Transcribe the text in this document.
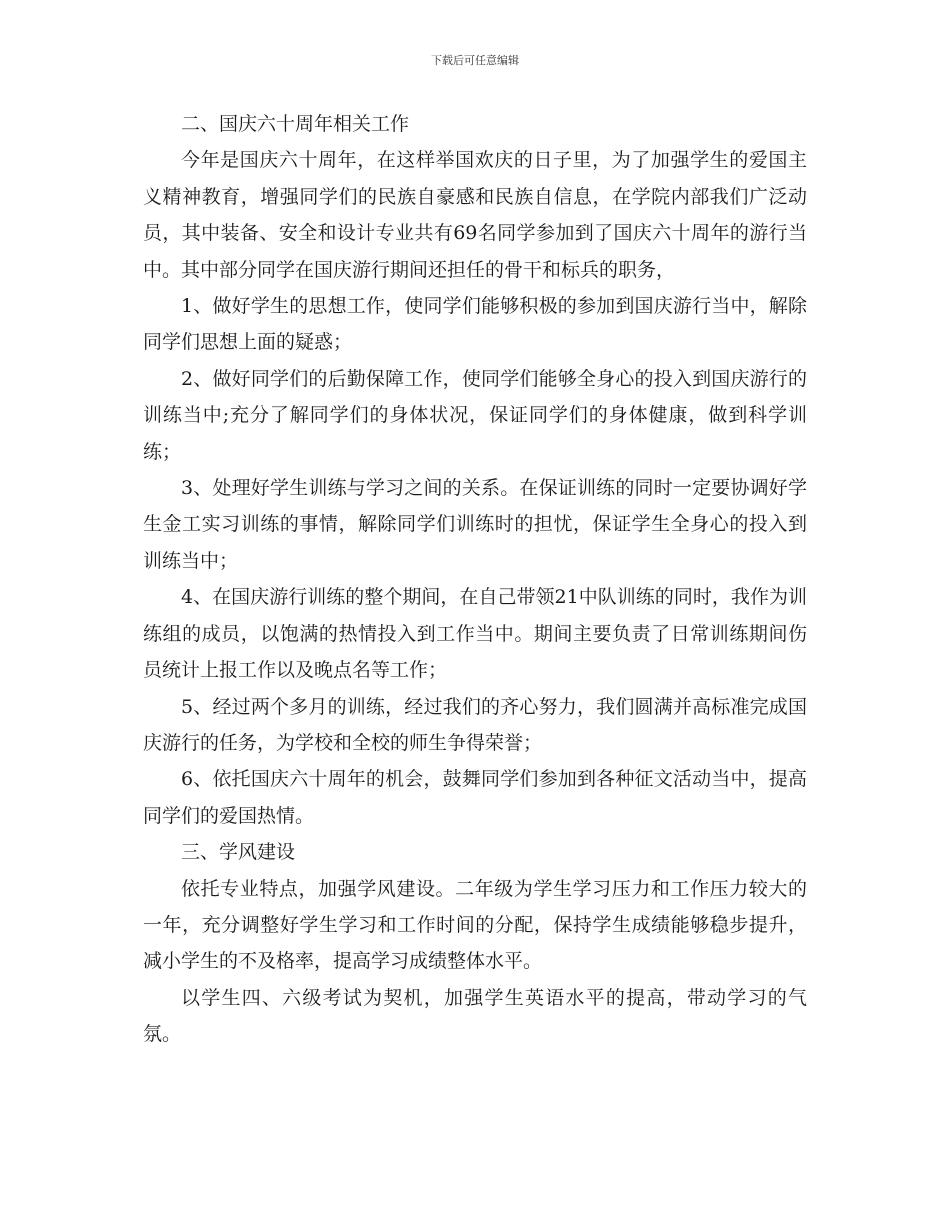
下载后可任意编辑

二、国庆六十周年相关工作

今年是国庆六十周年，在这样举国欢庆的日子里，为了加强学生的爱国主义精神教育，增强同学们的民族自豪感和民族自信息，在学院内部我们广泛动员，其中装备、安全和设计专业共有69名同学参加到了国庆六十周年的游行当中。其中部分同学在国庆游行期间还担任的骨干和标兵的职务，

1、做好学生的思想工作，使同学们能够积极的参加到国庆游行当中，解除同学们思想上面的疑惑；

2、做好同学们的后勤保障工作，使同学们能够全身心的投入到国庆游行的训练当中;充分了解同学们的身体状况，保证同学们的身体健康，做到科学训练；

3、处理好学生训练与学习之间的关系。在保证训练的同时一定要协调好学生金工实习训练的事情，解除同学们训练时的担忧，保证学生全身心的投入到训练当中；

4、在国庆游行训练的整个期间，在自己带领21中队训练的同时，我作为训练组的成员，以饱满的热情投入到工作当中。期间主要负责了日常训练期间伤员统计上报工作以及晚点名等工作；

5、经过两个多月的训练，经过我们的齐心努力，我们圆满并高标准完成国庆游行的任务，为学校和全校的师生争得荣誉；

6、依托国庆六十周年的机会，鼓舞同学们参加到各种征文活动当中，提高同学们的爱国热情。

三、学风建设

依托专业特点，加强学风建设。二年级为学生学习压力和工作压力较大的一年，充分调整好学生学习和工作时间的分配，保持学生成绩能够稳步提升，减小学生的不及格率，提高学习成绩整体水平。

以学生四、六级考试为契机，加强学生英语水平的提高，带动学习的气氛。
